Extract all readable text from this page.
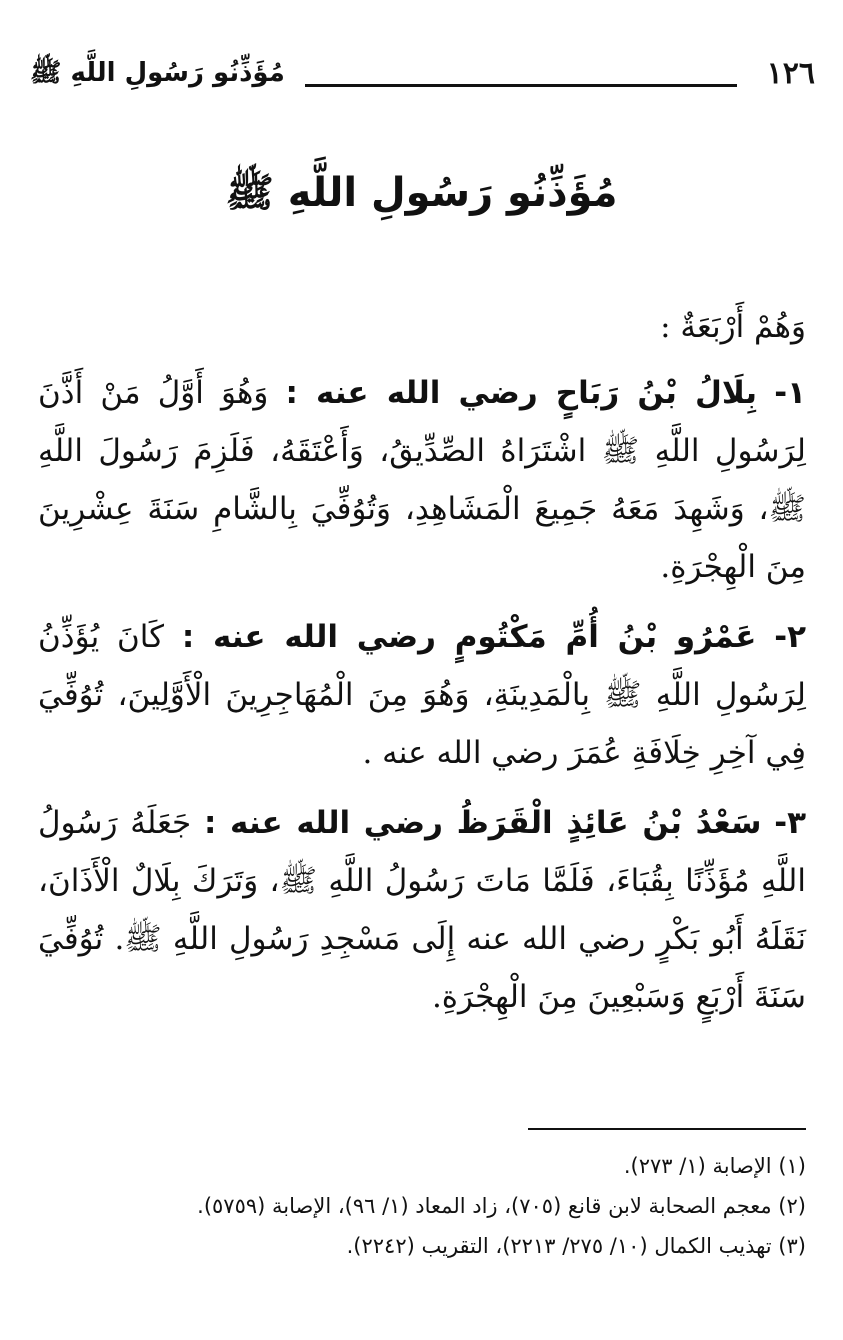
١٢٦
مُؤَذِّنُو رَسُولِ اللَّهِ ﷺ
مُؤَذِّنُو رَسُولِ اللَّهِ ﷺ

وَهُمْ أَرْبَعَةٌ :

١- بِلَالُ بْنُ رَبَاحٍ رضي الله عنه : وَهُوَ أَوَّلُ مَنْ أَذَّنَ لِرَسُولِ اللَّهِ ﷺ اشْتَرَاهُ الصِّدِّيقُ، وَأَعْتَقَهُ، فَلَزِمَ رَسُولَ اللَّهِ ﷺ، وَشَهِدَ مَعَهُ جَمِيعَ الْمَشَاهِدِ، وَتُوُفِّيَ بِالشَّامِ سَنَةَ عِشْرِينَ مِنَ الْهِجْرَةِ.

٢- عَمْرُو بْنُ أُمِّ مَكْتُومٍ رضي الله عنه : كَانَ يُؤَذِّنُ لِرَسُولِ اللَّهِ ﷺ بِالْمَدِينَةِ، وَهُوَ مِنَ الْمُهَاجِرِينَ الْأَوَّلِينَ، تُوُفِّيَ فِي آخِرِ خِلَافَةِ عُمَرَ رضي الله عنه .

٣- سَعْدُ بْنُ عَائِذٍ الْقَرَظُ رضي الله عنه : جَعَلَهُ رَسُولُ اللَّهِ مُؤَذِّنًا بِقُبَاءَ، فَلَمَّا مَاتَ رَسُولُ اللَّهِ ﷺ، وَتَرَكَ بِلَالٌ الْأَذَانَ، نَقَلَهُ أَبُو بَكْرٍ رضي الله عنه إِلَى مَسْجِدِ رَسُولِ اللَّهِ ﷺ. تُوُفِّيَ سَنَةَ أَرْبَعٍ وَسَبْعِينَ مِنَ الْهِجْرَةِ.

(١) الإصابة (١/ ٢٧٣).

(٢) معجم الصحابة لابن قانع (٧٠٥)، زاد المعاد (١/ ٩٦)، الإصابة (٥٧٥٩).

(٣) تهذيب الكمال (١٠/ ٢٧٥/ ٢٢١٣)، التقريب (٢٢٤٢).
